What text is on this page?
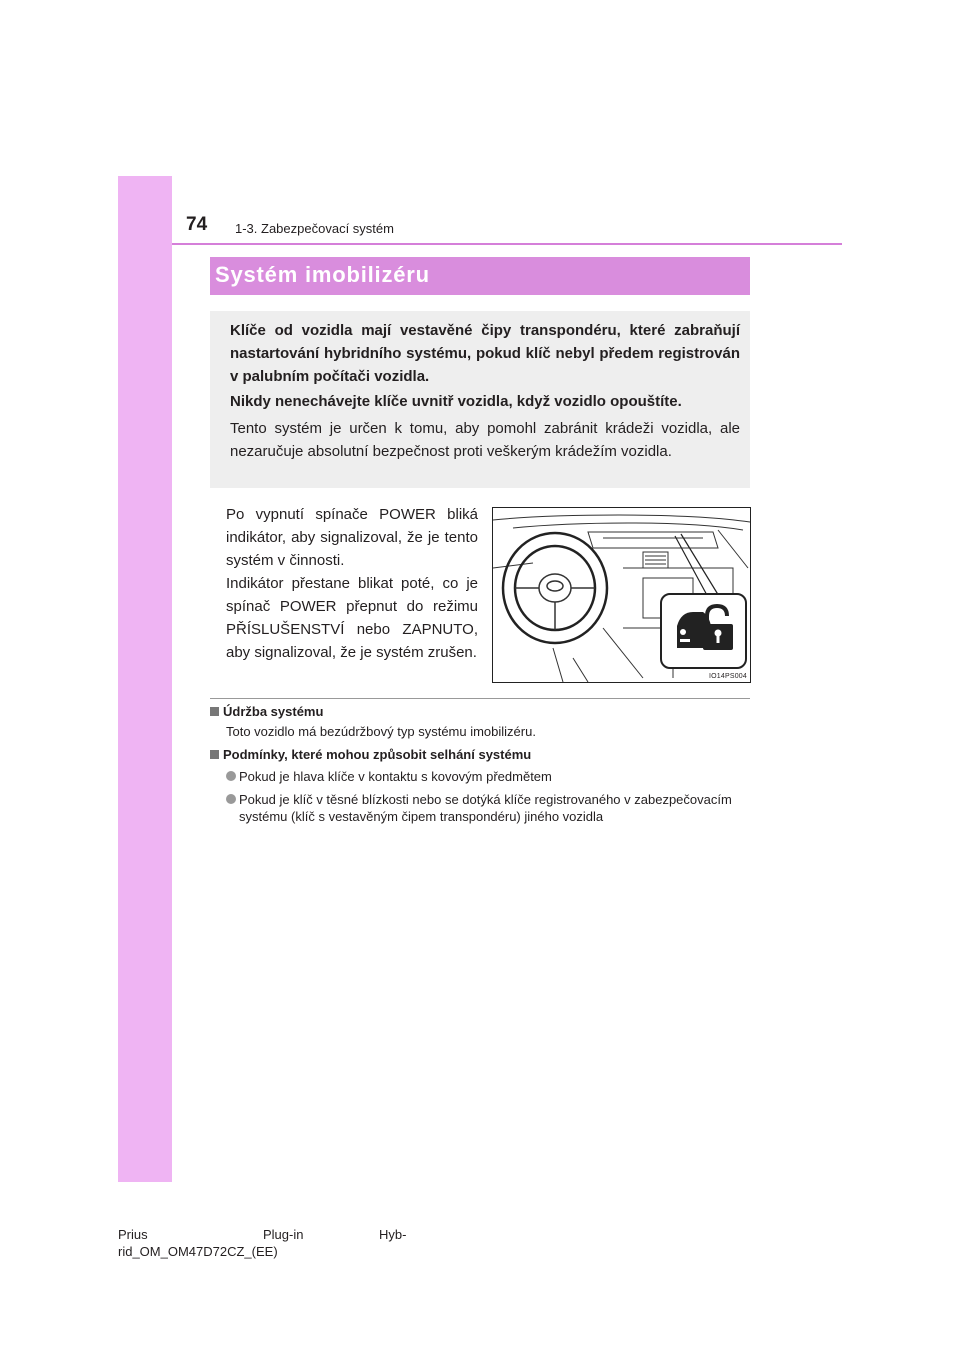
74 1-3. Zabezpečovací systém
Systém imobilizéru

Klíče od vozidla mají vestavěné čipy transpondéru, které zabraňují nastartování hybridního systému, pokud klíč nebyl předem registrován v palubním počítači vozidla.

Nikdy nenechávejte klíče uvnitř vozidla, když vozidlo opouštíte.

Tento systém je určen k tomu, aby pomohl zabránit krádeži vozidla, ale nezaručuje absolutní bezpečnost proti veškerým krádežím vozidla.

Po vypnutí spínače POWER bliká indikátor, aby signalizoval, že je tento systém v činnosti.

Indikátor přestane blikat poté, co je spínač POWER přepnut do režimu PŘÍSLUŠENSTVÍ nebo ZAPNUTO, aby signalizoval, že je systém zrušen.

IO14PS004
Údržba systému
Toto vozidlo má bezúdržbový typ systému imobilizéru.
Podmínky, které mohou způsobit selhání systému
Pokud je hlava klíče v kontaktu s kovovým předmětem
Pokud je klíč v těsné blízkosti nebo se dotýká klíče registrovaného v zabezpečovacím systému (klíč s vestavěným čipem transpondéru) jiného vozidla
Prius	Plug-in	Hyb-
rid_OM_OM47D72CZ_(EE)
